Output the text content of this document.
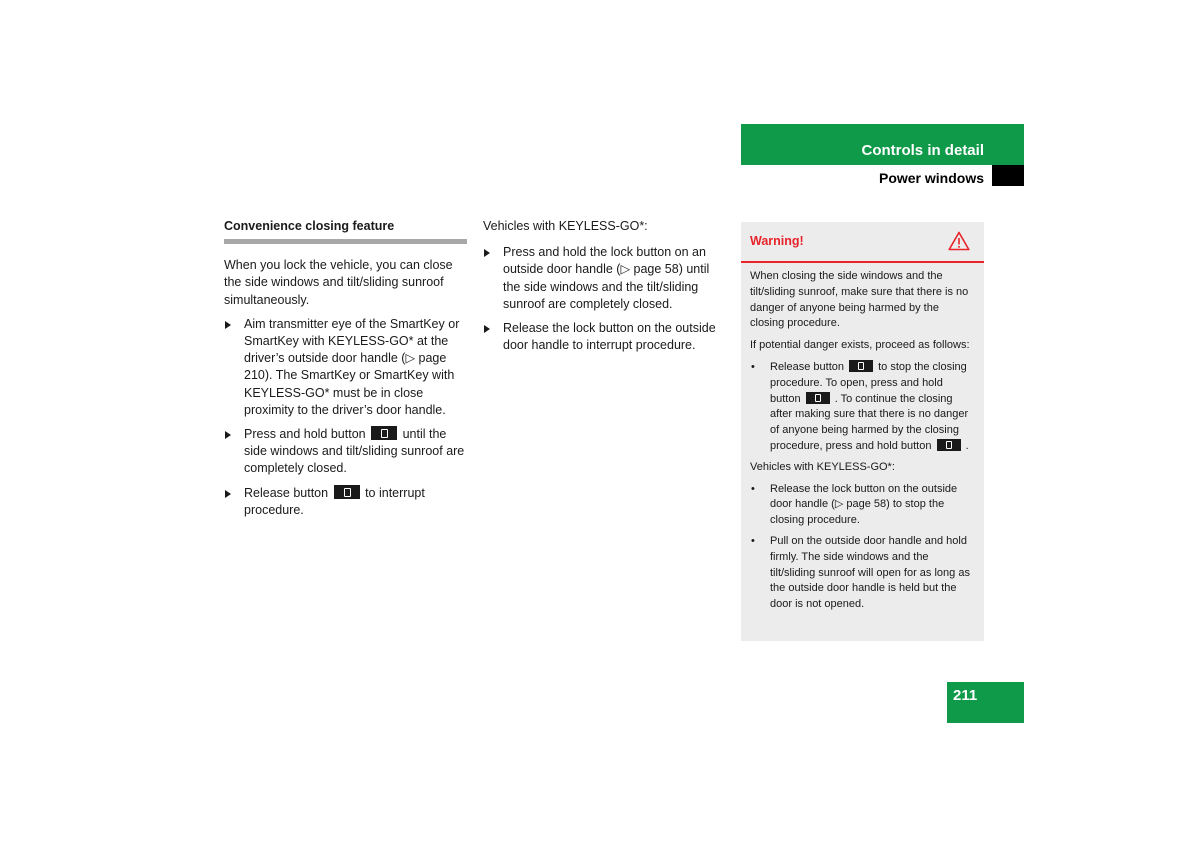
Controls in detail
Power windows
Convenience closing feature

When you lock the vehicle, you can close the side windows and tilt/sliding sunroof simultaneously.

Aim transmitter eye of the SmartKey or SmartKey with KEYLESS-GO* at the driver’s outside door handle (▷ page 210). The SmartKey or SmartKey with KEYLESS-GO* must be in close proximity to the driver’s door handle.
Press and hold button	until the side windows and tilt/sliding sunroof are completely closed.
Release button	to interrupt procedure.

Vehicles with KEYLESS-GO*:

Press and hold the lock button on an outside door handle (▷ page 58) until the side windows and the tilt/sliding sunroof are completely closed.
Release the lock button on the outside door handle to interrupt procedure.
Warning!

When closing the side windows and the tilt/sliding sunroof, make sure that there is no danger of anyone being harmed by the closing procedure.

If potential danger exists, proceed as follows:

• Release button	to stop the closing procedure. To open, press and hold button	. To continue the closing after making sure that there is no danger of anyone being harmed by the closing procedure, press and hold button	.

Vehicles with KEYLESS-GO*:

• Release the lock button on the outside door handle (▷ page 58) to stop the closing procedure.
• Pull on the outside door handle and hold firmly. The side windows and the tilt/sliding sunroof will open for as long as the outside door handle is held but the door is not opened.
211
